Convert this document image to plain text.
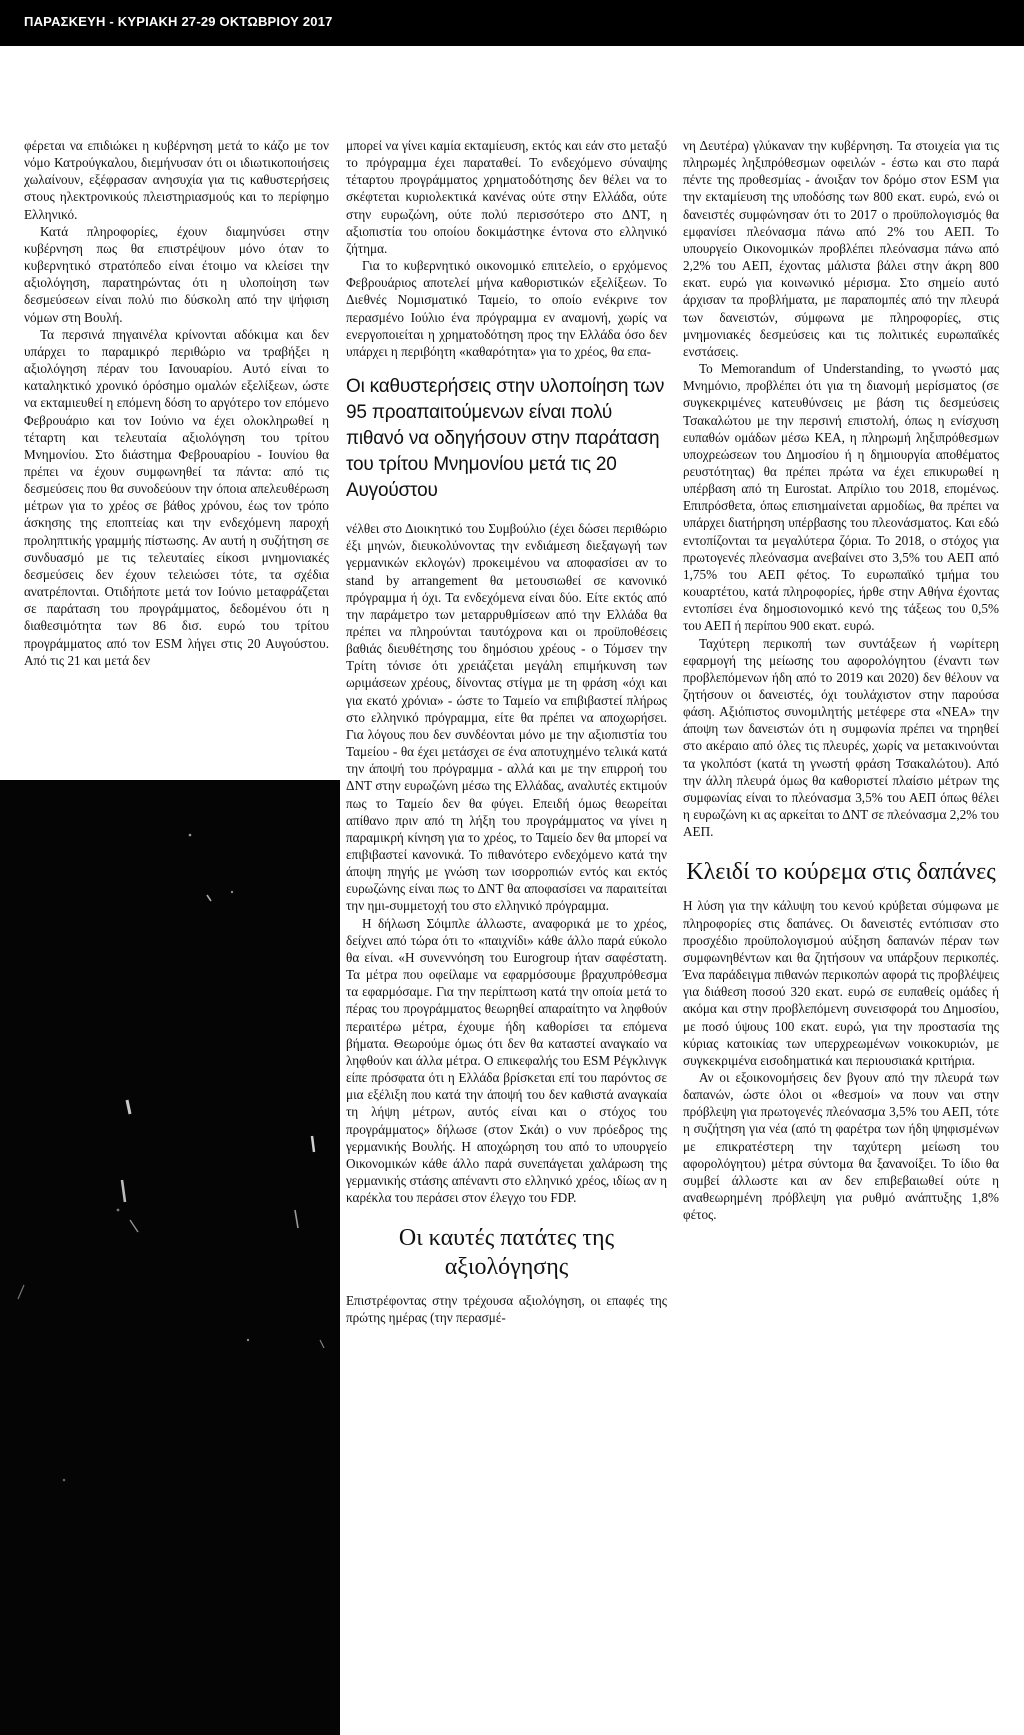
ΠΑΡΑΣΚΕΥΗ - ΚΥΡΙΑΚΗ 27-29 ΟΚΤΩΒΡΙΟΥ 2017

φέρεται να επιδιώκει η κυβέρνηση μετά το κάζο με τον νόμο Κατρούγκαλου, διεμήνυσαν ότι οι ιδιωτικοποιήσεις χωλαίνουν, εξέφρασαν ανησυχία για τις καθυστερήσεις στους ηλεκτρονικούς πλειστηριασμούς και το περίφημο Ελληνικό.

Κατά πληροφορίες, έχουν διαμηνύσει στην κυβέρνηση πως θα επιστρέψουν μόνο όταν το κυβερνητικό στρατόπεδο είναι έτοιμο να κλείσει την αξιολόγηση, παρατηρώντας ότι η υλοποίηση των δεσμεύσεων είναι πολύ πιο δύσκολη από την ψήφιση νόμων στη Βουλή.

Τα περσινά πηγαινέλα κρίνονται αδόκιμα και δεν υπάρχει το παραμικρό περιθώριο να τραβήξει η αξιολόγηση πέραν του Ιανουαρίου. Αυτό είναι το καταληκτικό χρονικό όρόσημο ομαλών εξελίξεων, ώστε να εκταμιευθεί η επόμενη δόση το αργότερο τον επόμενο Φεβρουάριο και τον Ιούνιο να έχει ολοκληρωθεί η τέταρτη και τελευταία αξιολόγηση του τρίτου Μνημονίου. Στο διάστημα Φεβρουαρίου - Ιουνίου θα πρέπει να έχουν συμφωνηθεί τα πάντα: από τις δεσμεύσεις που θα συνοδεύουν την όποια απελευθέρωση μέτρων για το χρέος σε βάθος χρόνου, έως τον τρόπο άσκησης της εποπτείας και την ενδεχόμενη παροχή προληπτικής γραμμής πίστωσης. Αν αυτή η συζήτηση σε συνδυασμό με τις τελευταίες είκοσι μνημονιακές δεσμεύσεις δεν έχουν τελειώσει τότε, τα σχέδια ανατρέπονται. Οτιδήποτε μετά τον Ιούνιο μεταφράζεται σε παράταση του προγράμματος, δεδομένου ότι η διαθεσιμότητα των 86 δισ. ευρώ του τρίτου προγράμματος από τον ESM λήγει στις 20 Αυγούστου. Από τις 21 και μετά δεν

μπορεί να γίνει καμία εκταμίευση, εκτός και εάν στο μεταξύ το πρόγραμμα έχει παραταθεί. Το ενδεχόμενο σύναψης τέταρτου προγράμματος χρηματοδότησης δεν θέλει να το σκέφτεται κυριολεκτικά κανένας ούτε στην Ελλάδα, ούτε στην ευρωζώνη, ούτε πολύ περισσότερο στο ΔΝΤ, η αξιοπιστία του οποίου δοκιμάστηκε έντονα στο ελληνικό ζήτημα.

Για το κυβερνητικό οικονομικό επιτελείο, ο ερχόμενος Φεβρουάριος αποτελεί μήνα καθοριστικών εξελίξεων. Το Διεθνές Νομισματικό Ταμείο, το οποίο ενέκρινε τον περασμένο Ιούλιο ένα πρόγραμμα εν αναμονή, χωρίς να ενεργοποιείται η χρηματοδότηση προς την Ελλάδα όσο δεν υπάρχει η περιβόητη «καθαρότητα» για το χρέος, θα επα-

Οι καθυστερήσεις στην υλοποίηση των 95 προαπαιτούμενων είναι πολύ πιθανό να οδηγήσουν στην παράταση του τρίτου Μνημονίου μετά τις 20 Αυγούστου

νέλθει στο Διοικητικό του Συμβούλιο (έχει δώσει περιθώριο έξι μηνών, διευκολύνοντας την ενδιάμεση διεξαγωγή των γερμανικών εκλογών) προκειμένου να αποφασίσει αν το stand by arrangement θα μετουσιωθεί σε κανονικό πρόγραμμα ή όχι. Τα ενδεχόμενα είναι δύο. Είτε εκτός από την παράμετρο των μεταρρυθμίσεων από την Ελλάδα θα πρέπει να πληρούνται ταυτόχρονα και οι προϋποθέσεις βαθιάς διευθέτησης του δημόσιου χρέους - ο Τόμσεν την Τρίτη τόνισε ότι χρειάζεται μεγάλη επιμήκυνση των ωριμάσεων χρέους, δίνοντας στίγμα με τη φράση «όχι και για εκατό χρόνια» - ώστε το Ταμείο να επιβιβαστεί πλήρως στο ελληνικό πρόγραμμα, είτε θα πρέπει να αποχωρήσει. Για λόγους που δεν συνδέονται μόνο με την αξιοπιστία του Ταμείου - θα έχει μετάσχει σε ένα αποτυχημένο τελικά κατά την άποψή του πρόγραμμα - αλλά και με την επιρροή του ΔΝΤ στην ευρωζώνη μέσω της Ελλάδας, αναλυτές εκτιμούν πως το Ταμείο δεν θα φύγει. Επειδή όμως θεωρείται απίθανο πριν από τη λήξη του προγράμματος να γίνει η παραμικρή κίνηση για το χρέος, το Ταμείο δεν θα μπορεί να επιβιβαστεί κανονικά. Το πιθανότερο ενδεχόμενο κατά την άποψη πηγής με γνώση των ισορροπιών εντός και εκτός ευρωζώνης είναι πως το ΔΝΤ θα αποφασίσει να παραιτείται την ημι-συμμετοχή του στο ελληνικό πρόγραμμα.

Η δήλωση Σόιμπλε άλλωστε, αναφορικά με το χρέος, δείχνει από τώρα ότι το «παιχνίδι» κάθε άλλο παρά εύκολο θα είναι. «Η συνεννόηση του Eurogroup ήταν σαφέστατη. Τα μέτρα που οφείλαμε να εφαρμόσουμε βραχυπρόθεσμα τα εφαρμόσαμε. Για την περίπτωση κατά την οποία μετά το πέρας του προγράμματος θεωρηθεί απαραίτητο να ληφθούν περαιτέρω μέτρα, έχουμε ήδη καθορίσει τα επόμενα βήματα. Θεωρούμε όμως ότι δεν θα καταστεί αναγκαίο να ληφθούν και άλλα μέτρα. Ο επικεφαλής του ESM Ρέγκλινγκ είπε πρόσφατα ότι η Ελλάδα βρίσκεται επί του παρόντος σε μια εξέλιξη που κατά την άποψή του δεν καθιστά αναγκαία τη λήψη μέτρων, αυτός είναι και ο στόχος του προγράμματος» δήλωσε (στον Σκάι) ο νυν πρόεδρος της γερμανικής Βουλής. Η αποχώρηση του από το υπουργείο Οικονομικών κάθε άλλο παρά συνεπάγεται χαλάρωση της γερμανικής στάσης απέναντι στο ελληνικό χρέος, ιδίως αν η καρέκλα του περάσει στον έλεγχο του FDP.

Οι καυτές πατάτες της αξιολόγησης

Επιστρέφοντας στην τρέχουσα αξιολόγηση, οι επαφές της πρώτης ημέρας (την περασμέ-

νη Δευτέρα) γλύκαναν την κυβέρνηση. Τα στοιχεία για τις πληρωμές ληξιπρόθεσμων οφειλών - έστω και στο παρά πέντε της προθεσμίας - άνοιξαν τον δρόμο στον ESM για την εκταμίευση της υποδόσης των 800 εκατ. ευρώ, ενώ οι δανειστές συμφώνησαν ότι το 2017 ο προϋπολογισμός θα εμφανίσει πλεόνασμα πάνω από 2% του ΑΕΠ. Το υπουργείο Οικονομικών προβλέπει πλεόνασμα πάνω από 2,2% του ΑΕΠ, έχοντας μάλιστα βάλει στην άκρη 800 εκατ. ευρώ για κοινωνικό μέρισμα. Στο σημείο αυτό άρχισαν τα προβλήματα, με παραπομπές από την πλευρά των δανειστών, σύμφωνα με πληροφορίες, στις μνημονιακές δεσμεύσεις και τις πολιτικές ευρωπαϊκές ενστάσεις.

Το Memorandum of Understanding, το γνωστό μας Μνημόνιο, προβλέπει ότι για τη διανομή μερίσματος (σε συγκεκριμένες κατευθύνσεις με βάση τις δεσμεύσεις Τσακαλώτου με την περσινή επιστολή, όπως η ενίσχυση ευπαθών ομάδων μέσω ΚΕΑ, η πληρωμή ληξιπρόθεσμων υποχρεώσεων του Δημοσίου ή η δημιουργία αποθέματος ρευστότητας) θα πρέπει πρώτα να έχει επικυρωθεί η υπέρβαση από τη Eurostat. Απρίλιο του 2018, επομένως. Επιπρόσθετα, όπως επισημαίνεται αρμοδίως, θα πρέπει να υπάρχει διατήρηση υπέρβασης του πλεονάσματος. Και εδώ εντοπίζονται τα μεγαλύτερα ζόρια. Το 2018, ο στόχος για πρωτογενές πλεόνασμα ανεβαίνει στο 3,5% του ΑΕΠ από 1,75% του ΑΕΠ φέτος. Το ευρωπαϊκό τμήμα του κουαρτέτου, κατά πληροφορίες, ήρθε στην Αθήνα έχοντας εντοπίσει ένα δημοσιονομικό κενό της τάξεως του 0,5% του ΑΕΠ ή περίπου 900 εκατ. ευρώ.

Ταχύτερη περικοπή των συντάξεων ή νωρίτερη εφαρμογή της μείωσης του αφορολόγητου (έναντι των προβλεπόμενων ήδη από το 2019 και 2020) δεν θέλουν να ζητήσουν οι δανειστές, όχι τουλάχιστον στην παρούσα φάση. Αξιόπιστος συνομιλητής μετέφερε στα «ΝΕΑ» την άποψη των δανειστών ότι η συμφωνία πρέπει να τηρηθεί στο ακέραιο από όλες τις πλευρές, χωρίς να μετακινούνται τα γκολπόστ (κατά τη γνωστή φράση Τσακαλώτου). Από την άλλη πλευρά όμως θα καθοριστεί πλαίσιο μέτρων της συμφωνίας είναι το πλεόνασμα 3,5% του ΑΕΠ όπως θέλει η ευρωζώνη κι ας αρκείται το ΔΝΤ σε πλεόνασμα 2,2% του ΑΕΠ.

Κλειδί το κούρεμα στις δαπάνες

Η λύση για την κάλυψη του κενού κρύβεται σύμφωνα με πληροφορίες στις δαπάνες. Οι δανειστές εντόπισαν στο προσχέδιο προϋπολογισμού αύξηση δαπανών πέραν των συμφωνηθέντων και θα ζητήσουν να υπάρξουν περικοπές. Ένα παράδειγμα πιθανών περικοπών αφορά τις προβλέψεις για διάθεση ποσού 320 εκατ. ευρώ σε ευπαθείς ομάδες ή ακόμα και στην προβλεπόμενη συνεισφορά του Δημοσίου, με ποσό ύψους 100 εκατ. ευρώ, για την προστασία της κύριας κατοικίας των υπερχρεωμένων νοικοκυριών, με συγκεκριμένα εισοδηματικά και περιουσιακά κριτήρια.

Αν οι εξοικονομήσεις δεν βγουν από την πλευρά των δαπανών, ώστε όλοι οι «θεσμοί» να πουν ναι στην πρόβλεψη για πρωτογενές πλεόνασμα 3,5% του ΑΕΠ, τότε η συζήτηση για νέα (από τη φαρέτρα των ήδη ψηφισμένων με επικρατέστερη την ταχύτερη μείωση του αφορολόγητου) μέτρα σύντομα θα ξανανοίξει. Το ίδιο θα συμβεί άλλωστε και αν δεν επιβεβαιωθεί ούτε η αναθεωρημένη πρόβλεψη για ρυθμό ανάπτυξης 1,8% φέτος.
